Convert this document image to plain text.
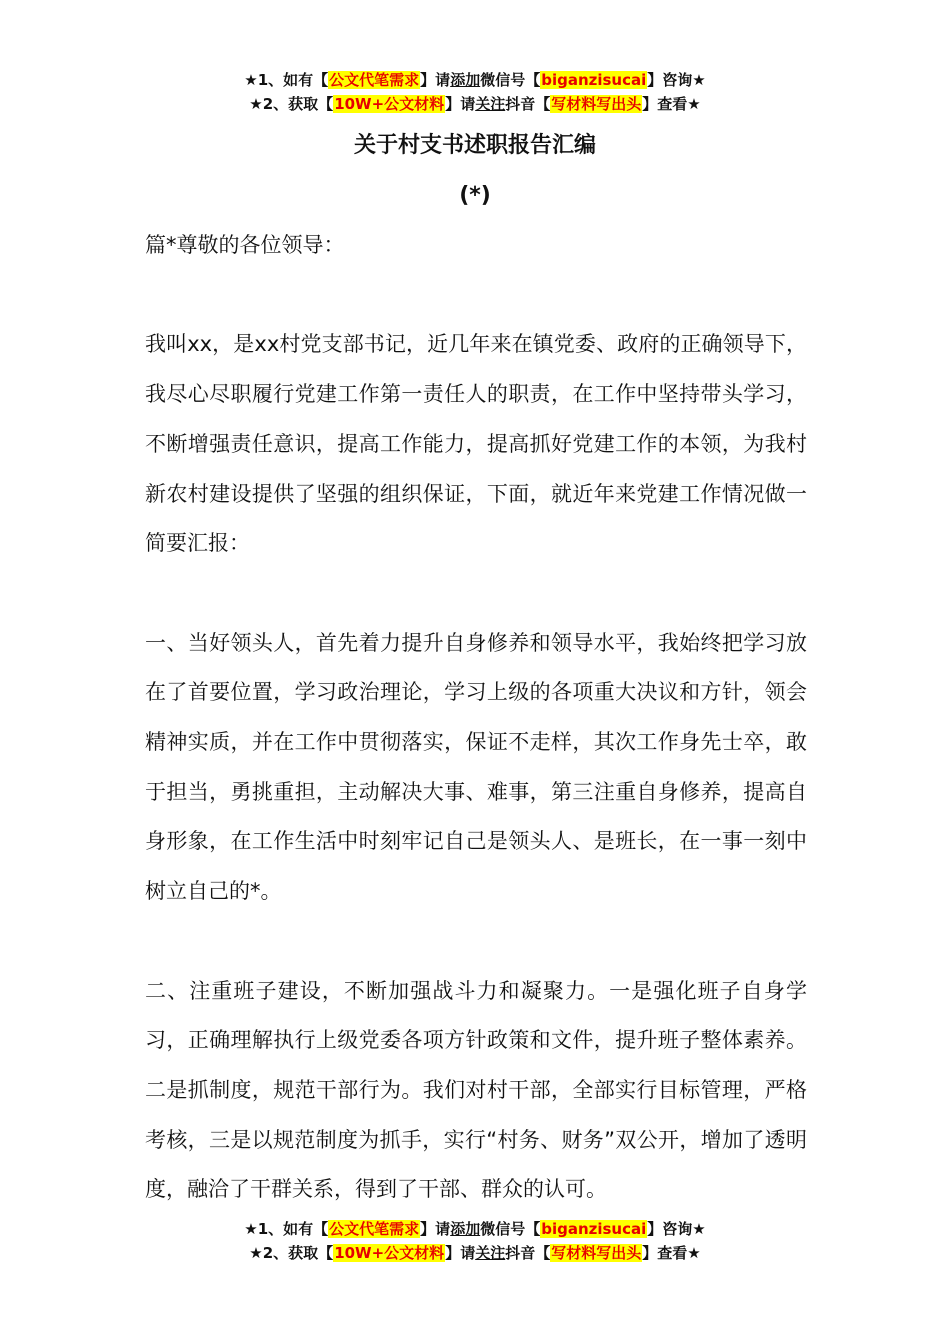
★1、如有【公文代笔需求】请添加微信号【biganzisucai】咨询★
★2、获取【10W+公文材料】请关注抖音【写材料写出头】查看★
关于村支书述职报告汇编
(*)

篇*尊敬的各位领导：

我叫xx，是xx村党支部书记，近几年来在镇党委、政府的正确领导下，我尽心尽职履行党建工作第一责任人的职责，在工作中坚持带头学习，不断增强责任意识，提高工作能力，提高抓好党建工作的本领，为我村新农村建设提供了坚强的组织保证，下面，就近年来党建工作情况做一简要汇报：

一、当好领头人，首先着力提升自身修养和领导水平，我始终把学习放在了首要位置，学习政治理论，学习上级的各项重大决议和方针，领会精神实质，并在工作中贯彻落实，保证不走样，其次工作身先士卒，敢于担当，勇挑重担，主动解决大事、难事，第三注重自身修养，提高自身形象，在工作生活中时刻牢记自己是领头人、是班长，在一事一刻中树立自己的*。

二、注重班子建设，不断加强战斗力和凝聚力。一是强化班子自身学习，正确理解执行上级党委各项方针政策和文件，提升班子整体素养。二是抓制度，规范干部行为。我们对村干部，全部实行目标管理，严格考核，三是以规范制度为抓手，实行“村务、财务”双公开，增加了透明度，融洽了干群关系，得到了干部、群众的认可。

★1、如有【公文代笔需求】请添加微信号【biganzisucai】咨询★
★2、获取【10W+公文材料】请关注抖音【写材料写出头】查看★
